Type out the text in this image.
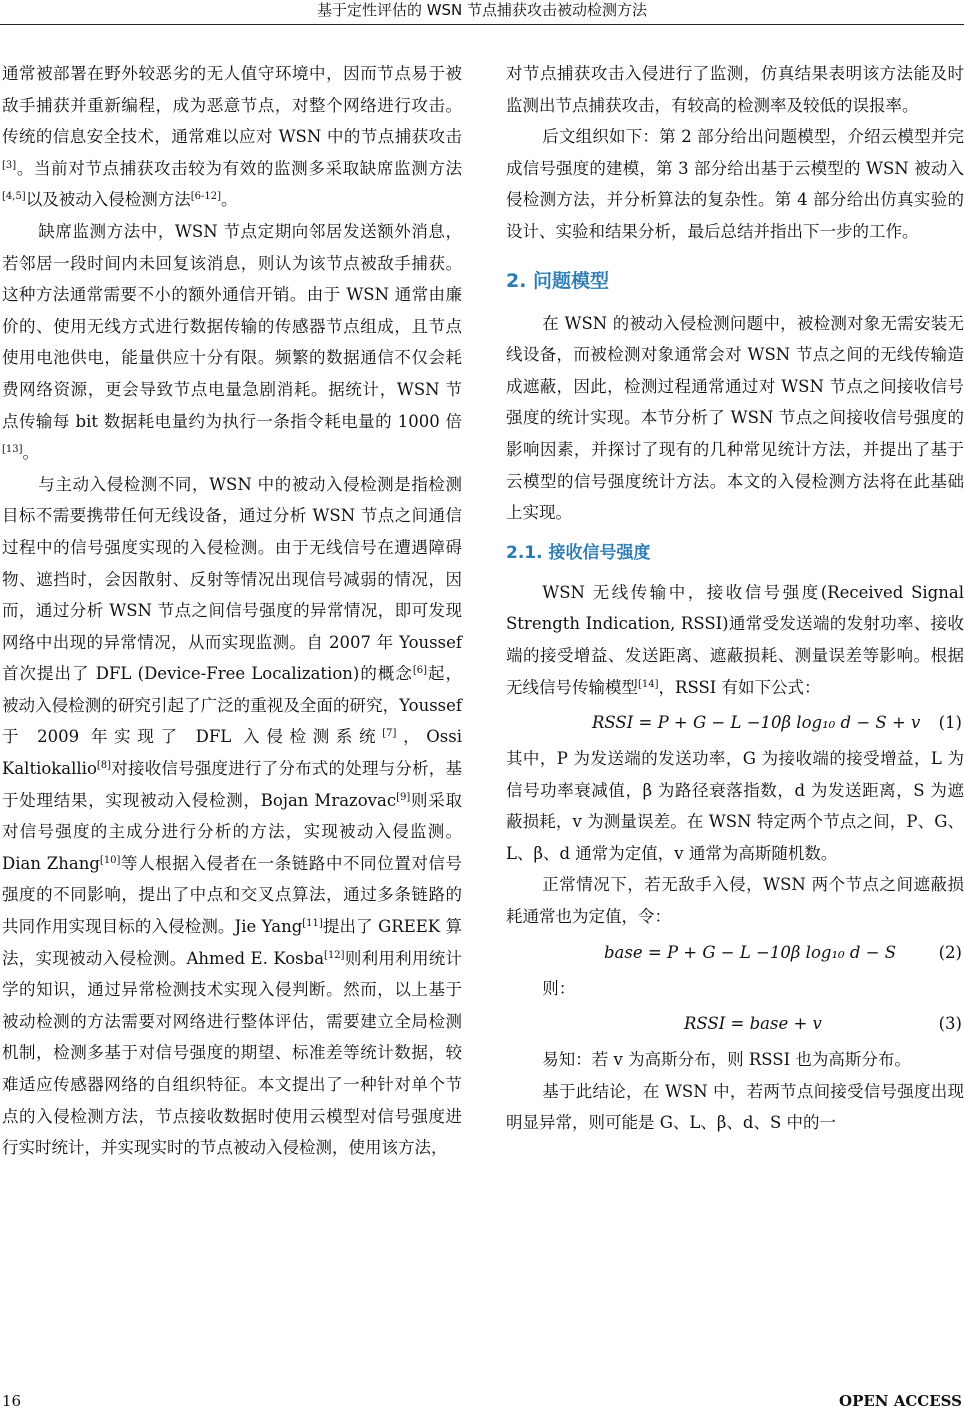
基于定性评估的 WSN 节点捕获攻击被动检测方法

通常被部署在野外较恶劣的无人值守环境中，因而节点易于被敌手捕获并重新编程，成为恶意节点，对整个网络进行攻击。传统的信息安全技术，通常难以应对 WSN 中的节点捕获攻击[3]。当前对节点捕获攻击较为有效的监测多采取缺席监测方法[4,5]以及被动入侵检测方法[6-12]。

缺席监测方法中，WSN 节点定期向邻居发送额外消息，若邻居一段时间内未回复该消息，则认为该节点被敌手捕获。这种方法通常需要不小的额外通信开销。由于 WSN 通常由廉价的、使用无线方式进行数据传输的传感器节点组成，且节点使用电池供电，能量供应十分有限。频繁的数据通信不仅会耗费网络资源，更会导致节点电量急剧消耗。据统计，WSN 节点传输每 bit 数据耗电量约为执行一条指令耗电量的 1000 倍[13]。

与主动入侵检测不同，WSN 中的被动入侵检测是指检测目标不需要携带任何无线设备，通过分析 WSN 节点之间通信过程中的信号强度实现的入侵检测。由于无线信号在遭遇障碍物、遮挡时，会因散射、反射等情况出现信号减弱的情况，因而，通过分析 WSN 节点之间信号强度的异常情况，即可发现网络中出现的异常情况，从而实现监测。自 2007 年 Youssef 首次提出了 DFL (Device-Free Localization)的概念[6]起，被动入侵检测的研究引起了广泛的重视及全面的研究，Youssef 于 2009 年实现了 DFL 入侵检测系统[7]，Ossi Kaltiokallio[8]对接收信号强度进行了分布式的处理与分析，基于处理结果，实现被动入侵检测，Bojan Mrazovac[9]则采取对信号强度的主成分进行分析的方法，实现被动入侵监测。Dian Zhang[10]等人根据入侵者在一条链路中不同位置对信号强度的不同影响，提出了中点和交叉点算法，通过多条链路的共同作用实现目标的入侵检测。Jie Yang[11]提出了 GREEK 算法，实现被动入侵检测。Ahmed E. Kosba[12]则利用利用统计学的知识，通过异常检测技术实现入侵判断。然而，以上基于被动检测的方法需要对网络进行整体评估，需要建立全局检测机制，检测多基于对信号强度的期望、标准差等统计数据，较难适应传感器网络的自组织特征。本文提出了一种针对单个节点的入侵检测方法，节点接收数据时使用云模型对信号强度进行实时统计，并实现实时的节点被动入侵检测，使用该方法，

对节点捕获攻击入侵进行了监测，仿真结果表明该方法能及时监测出节点捕获攻击，有较高的检测率及较低的误报率。

后文组织如下：第 2 部分给出问题模型，介绍云模型并完成信号强度的建模，第 3 部分给出基于云模型的 WSN 被动入侵检测方法，并分析算法的复杂性。第 4 部分给出仿真实验的设计、实验和结果分析，最后总结并指出下一步的工作。

2. 问题模型

在 WSN 的被动入侵检测问题中，被检测对象无需安装无线设备，而被检测对象通常会对 WSN 节点之间的无线传输造成遮蔽，因此，检测过程通常通过对 WSN 节点之间接收信号强度的统计实现。本节分析了 WSN 节点之间接收信号强度的影响因素，并探讨了现有的几种常见统计方法，并提出了基于云模型的信号强度统计方法。本文的入侵检测方法将在此基础上实现。

2.1. 接收信号强度

WSN 无线传输中，接收信号强度(Received Signal Strength Indication, RSSI)通常受发送端的发射功率、接收端的接受增益、发送距离、遮蔽损耗、测量误差等影响。根据无线信号传输模型[14]，RSSI 有如下公式：

RSSI = P + G − L −10β log₁₀ d − S + v (1)

其中，P 为发送端的发送功率，G 为接收端的接受增益，L 为信号功率衰减值，β 为路径衰落指数，d 为发送距离，S 为遮蔽损耗，v 为测量误差。在 WSN 特定两个节点之间，P、G、L、β、d 通常为定值，v 通常为高斯随机数。

正常情况下，若无敌手入侵，WSN 两个节点之间遮蔽损耗通常也为定值，令：

base = P + G − L −10β log₁₀ d − S	(2)

则：

RSSI = base + v	(3)

易知：若 v 为高斯分布，则 RSSI 也为高斯分布。

基于此结论，在 WSN 中，若两节点间接受信号强度出现明显异常，则可能是 G、L、β、d、S 中的一

16	OPEN ACCESS
